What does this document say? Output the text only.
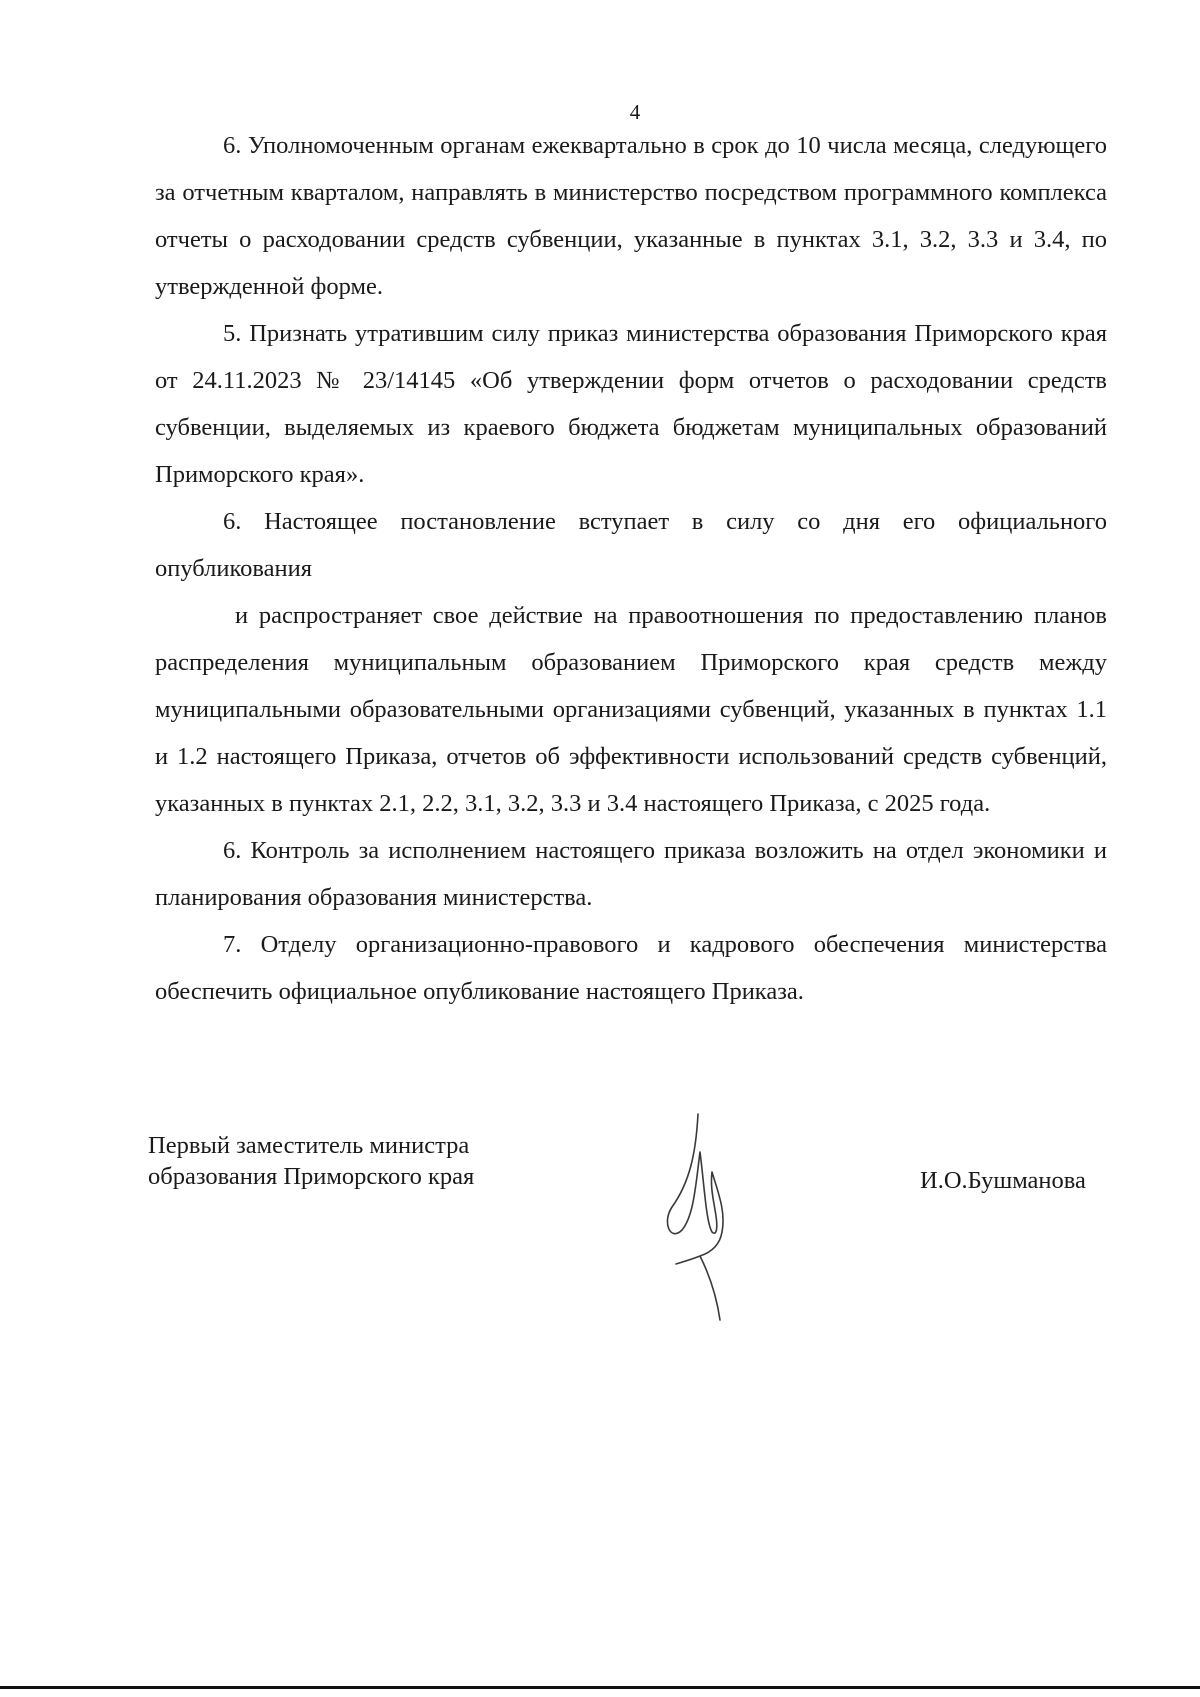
4

6. Уполномоченным органам ежеквартально в срок до 10 числа месяца, следующего за отчетным кварталом, направлять в министерство посредством программного комплекса отчеты о расходовании средств субвенции, указанные в пунктах 3.1, 3.2, 3.3 и 3.4, по утвержденной форме.

5. Признать утратившим силу приказ министерства образования Приморского края от 24.11.2023 № 23/14145 «Об утверждении форм отчетов о расходовании средств субвенции, выделяемых из краевого бюджета бюджетам муниципальных образований Приморского края».

6. Настоящее постановление вступает в силу со дня его официального

опубликования

и распространяет свое действие на правоотношения по предоставлению планов распределения муниципальным образованием Приморского края средств между муниципальными образовательными организациями субвенций, указанных в пунктах 1.1 и 1.2 настоящего Приказа, отчетов об эффективности использований средств субвенций, указанных в пунктах 2.1, 2.2, 3.1, 3.2, 3.3 и 3.4 настоящего Приказа, с 2025 года.

6. Контроль за исполнением настоящего приказа возложить на отдел экономики и планирования образования министерства.

7. Отделу организационно-правового и кадрового обеспечения министерства обеспечить официальное опубликование настоящего Приказа.

Первый заместитель министра
образования Приморского края	И.О.Бушманова
